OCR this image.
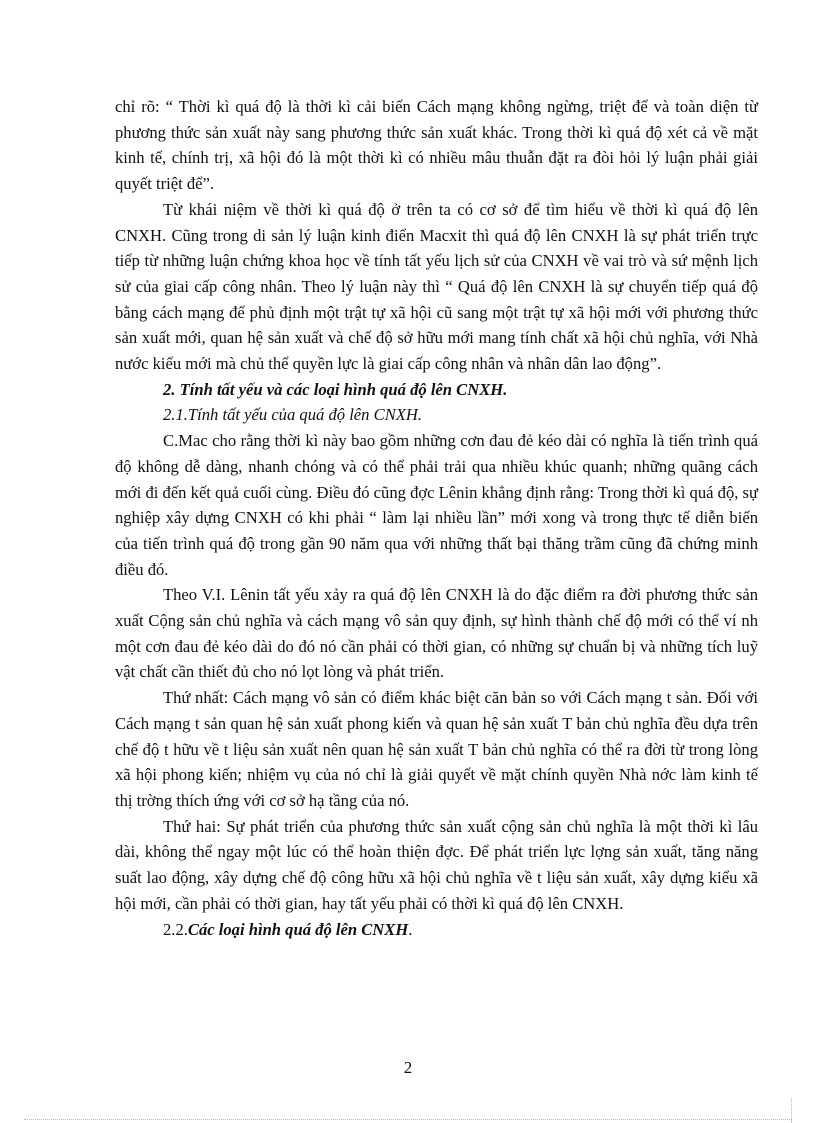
chỉ rõ: “ Thời kì quá độ là thời kì cải biến Cách mạng không ngừng, triệt để và toàn diện từ phương thức sản xuất này sang phương thức sản xuất khác. Trong thời kì quá độ xét cả về mặt kinh tế, chính trị, xã hội đó là một thời kì có nhiều mâu thuẫn đặt ra đòi hỏi lý luận phải giải quyết triệt để”.

Từ khái niệm về thời kì quá độ ở trên ta có cơ sở để tìm hiểu về thời kì quá độ lên CNXH. Cũng trong di sản lý luận kinh điển Macxit thì quá độ lên CNXH là sự phát triển trực tiếp từ những luận chứng khoa học về tính tất yếu lịch sử của CNXH về vai trò và sứ mệnh lịch sử của giai cấp công nhân. Theo lý luận này thì “ Quá độ lên CNXH là sự chuyển tiếp quá độ bằng cách mạng để phủ định một trật tự xã hội cũ sang một trật tự xã hội mới với phương thức sản xuất mới, quan hệ sản xuất và chế độ sở hữu mới mang tính chất xã hội chủ nghĩa, với Nhà nước kiểu mới mà chủ thể quyền lực là giai cấp công nhân và nhân dân lao động”.

2. Tính tất yếu và các loại hình quá độ lên CNXH.

2.1.Tính tất yếu của quá độ lên CNXH.

C.Mac cho rằng thời kì này bao gồm những cơn đau đẻ kéo dài có nghĩa là tiến trình quá độ không dễ dàng, nhanh chóng và có thể phải trải qua nhiều khúc quanh; những quãng cách mới đi đến kết quả cuối cùng. Điều đó cũng đợc Lênin khẳng định rằng: Trong thời kì quá độ, sự nghiệp xây dựng CNXH có khi phải “ làm lại nhiều lần” mới xong và trong thực tế diễn biến của tiến trình quá độ trong gần 90 năm qua với những thất bại thăng trầm cũng đã chứng minh điều đó.

Theo V.I. Lênin tất yếu xảy ra quá độ lên CNXH là do đặc điểm ra đời phương thức sản xuất Cộng sản chủ nghĩa và cách mạng vô sản quy định, sự hình thành chế độ mới có thể ví nh một cơn đau đẻ kéo dài do đó nó cần phải có thời gian, có những sự chuẩn bị và những tích luỹ vật chất cần thiết đủ cho nó lọt lòng và phát triển.

Thứ nhất: Cách mạng vô sản có điểm khác biệt căn bản so với Cách mạng t sản. Đối với Cách mạng t sản quan hệ sản xuất phong kiến và quan hệ sản xuất T bản chủ nghĩa đều dựa trên chế độ t hữu về t liệu sản xuất nên quan hệ sản xuất T bản chủ nghĩa có thể ra đời từ trong lòng xã hội phong kiến; nhiệm vụ của nó chỉ là giải quyết về mặt chính quyền Nhà nớc làm kinh tế thị trờng thích ứng với cơ sở hạ tầng của nó.

Thứ hai: Sự phát triển của phương thức sản xuất cộng sản chủ nghĩa là một thời kì lâu dài, không thể ngay một lúc có thể hoàn thiện đợc. Để phát triển lực lợng sản xuất, tăng năng suất lao động, xây dựng chế độ công hữu xã hội chủ nghĩa về t liệu sản xuất, xây dựng kiểu xã hội mới, cần phải có thời gian, hay tất yếu phải có thời kì quá độ lên CNXH.

2.2.Các loại hình quá độ lên CNXH.

2
